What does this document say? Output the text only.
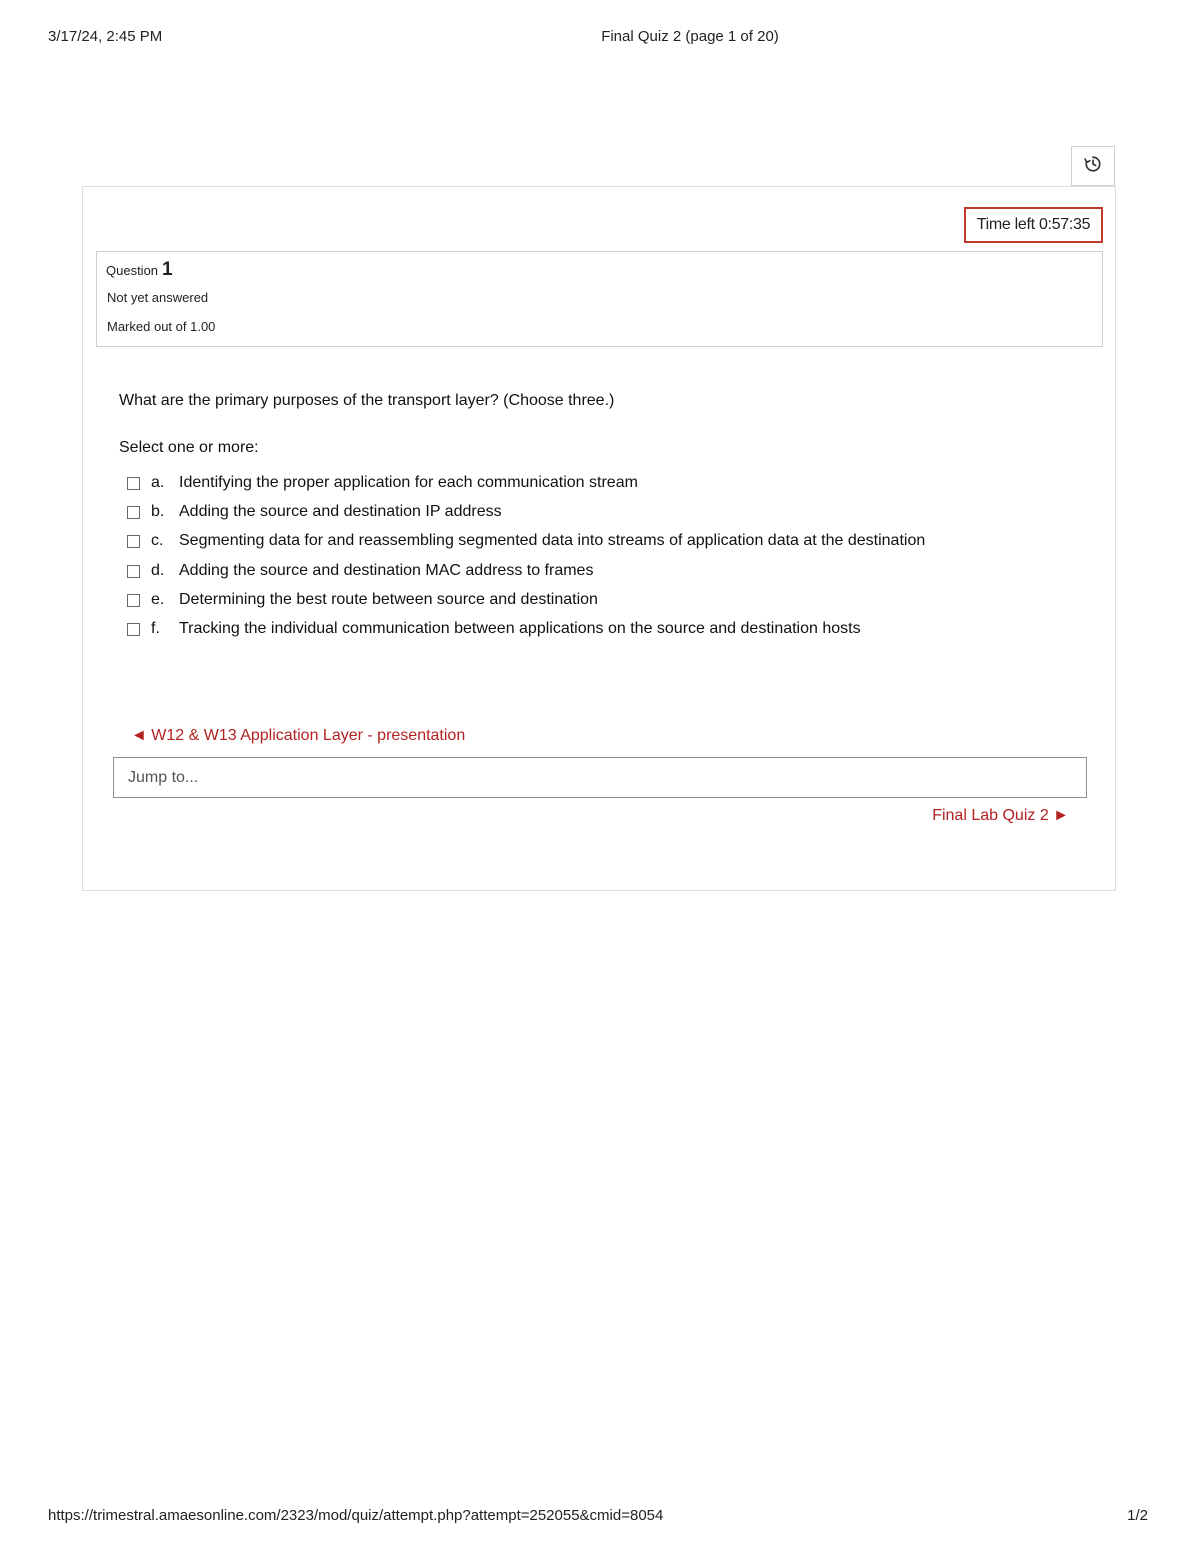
3/17/24, 2:45 PM	Final Quiz 2 (page 1 of 20)
Time left 0:57:35
Question 1
Not yet answered
Marked out of 1.00
What are the primary purposes of the transport layer? (Choose three.)
Select one or more:
a. Identifying the proper application for each communication stream
b. Adding the source and destination IP address
c. Segmenting data for and reassembling segmented data into streams of application data at the destination
d. Adding the source and destination MAC address to frames
e. Determining the best route between source and destination
f. Tracking the individual communication between applications on the source and destination hosts
◄ W12 & W13 Application Layer - presentation
Jump to...
Final Lab Quiz 2 ►
https://trimestral.amaesonline.com/2323/mod/quiz/attempt.php?attempt=252055&cmid=8054	1/2
